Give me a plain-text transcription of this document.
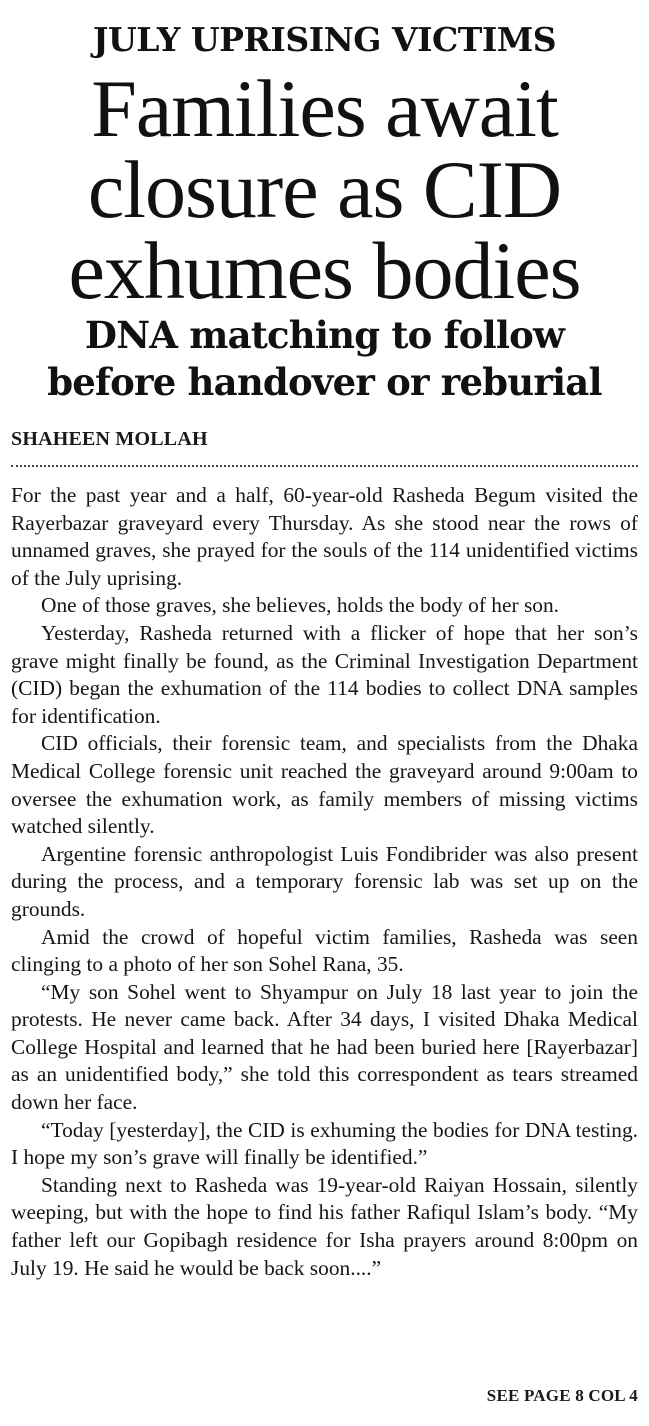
JULY UPRISING VICTIMS
Families await
closure as CID
exhumes bodies
DNA matching to follow
before handover or reburial
SHAHEEN MOLLAH

For the past year and a half, 60-year-old Rasheda Begum visited the Rayerbazar graveyard every Thursday. As she stood near the rows of unnamed graves, she prayed for the souls of the 114 unidentified victims of the July uprising.

One of those graves, she believes, holds the body of her son.

Yesterday, Rasheda returned with a flicker of hope that her son’s grave might finally be found, as the Criminal Investigation Department (CID) began the exhumation of the 114 bodies to collect DNA samples for identification.

CID officials, their forensic team, and specialists from the Dhaka Medical College forensic unit reached the graveyard around 9:00am to oversee the exhumation work, as family members of missing victims watched silently.

Argentine forensic anthropologist Luis Fondibrider was also present during the process, and a temporary forensic lab was set up on the grounds.

Amid the crowd of hopeful victim families, Rasheda was seen clinging to a photo of her son Sohel Rana, 35.

“My son Sohel went to Shyampur on July 18 last year to join the protests. He never came back. After 34 days, I visited Dhaka Medical College Hospital and learned that he had been buried here [Rayerbazar] as an unidentified body,” she told this correspondent as tears streamed down her face.

“Today [yesterday], the CID is exhuming the bodies for DNA testing. I hope my son’s grave will finally be identified.”

Standing next to Rasheda was 19-year-old Raiyan Hossain, silently weeping, but with the hope to find his father Rafiqul Islam’s body. “My father left our Gopibagh residence for Isha prayers around 8:00pm on July 19. He said he would be back soon....”

SEE PAGE 8 COL 4
